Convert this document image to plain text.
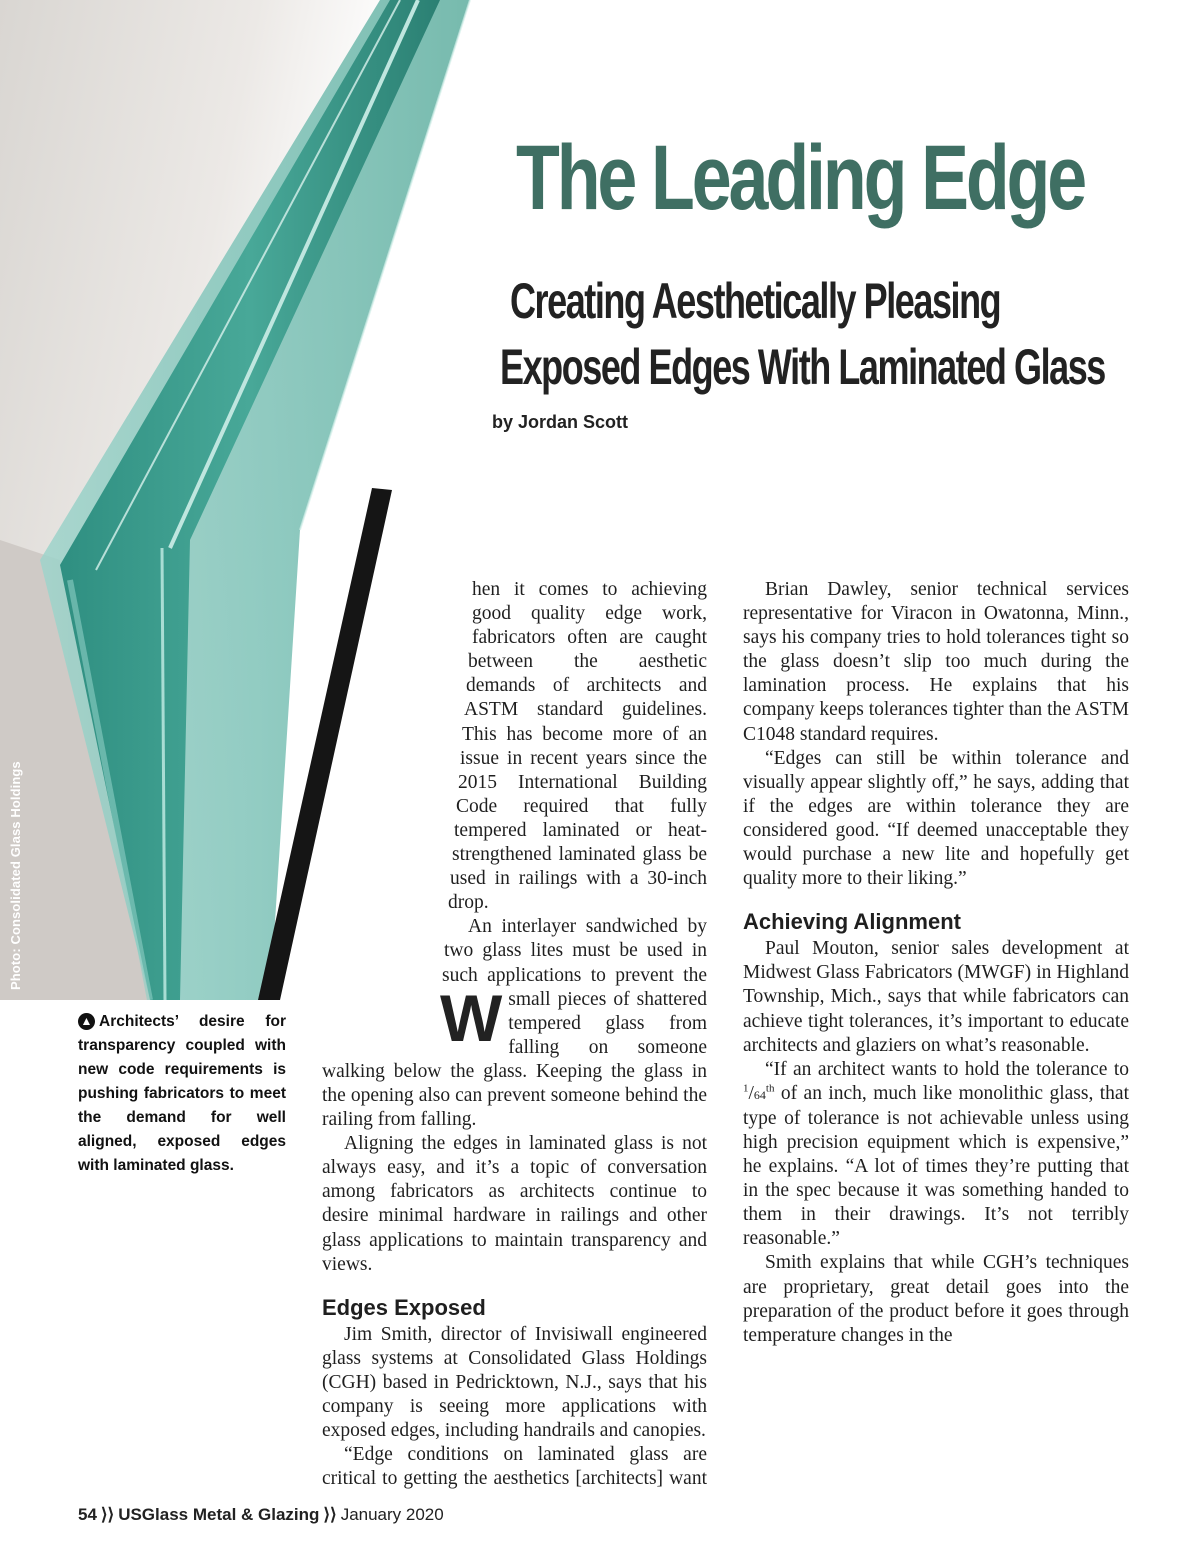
Photo: Consolidated Glass Holdings
The Leading Edge
Creating Aesthetically Pleasing
Exposed Edges With Laminated Glass
by Jordan Scott

W
hen it comes to achieving good quality edge work, fabricators often are caught between the aesthetic demands of architects and ASTM standard guidelines. This has become more of an issue in recent years since the 2015 International Building Code required that fully tempered laminated or heat-strengthened laminated glass be used in railings with a 30-inch drop.

An interlayer sandwiched by two glass lites must be used in such applications to prevent the small pieces of shattered tempered glass from falling on someone walking below the glass. Keeping the glass in the opening also can prevent someone behind the railing from falling.

Aligning the edges in laminated glass is not always easy, and it’s a topic of conversation among fabricators as architects continue to desire minimal hardware in railings and other glass applications to maintain transparency and views.

Edges Exposed

Jim Smith, director of Invisiwall engineered glass systems at Consolidated Glass Holdings (CGH) based in Pedricktown, N.J., says that his company is seeing more applications with exposed edges, including handrails and canopies.

“Edge conditions on laminated glass are critical to getting the aesthetics [architects] want

Brian Dawley, senior technical services representative for Viracon in Owatonna, Minn., says his company tries to hold tolerances tight so the glass doesn’t slip too much during the lamination process. He explains that his company keeps tolerances tighter than the ASTM C1048 standard requires.

“Edges can still be within tolerance and visually appear slightly off,” he says, adding that if the edges are within tolerance they are considered good. “If deemed unacceptable they would purchase a new lite and hopefully get quality more to their liking.”

Achieving Alignment

Paul Mouton, senior sales development at Midwest Glass Fabricators (MWGF) in Highland Township, Mich., says that while fabricators can achieve tight tolerances, it’s important to educate architects and glaziers on what’s reasonable.

“If an architect wants to hold the tolerance to $^1$/64th of an inch, much like monolithic glass, that type of tolerance is not achievable unless using high precision equipment which is expensive,” he explains. “A lot of times they’re putting that in the spec because it was something handed to them in their drawings. It’s not terribly reasonable.”

Smith explains that while CGH’s techniques are proprietary, great detail goes into the preparation of the product before it goes through temperature changes in the

▲ Architects’ desire for transparency coupled with new code requirements is pushing fabricators to meet the demand for well aligned, exposed edges with laminated glass.
54 ⟩⟩ USGlass Metal & Glazing ⟩⟩ January 2020
